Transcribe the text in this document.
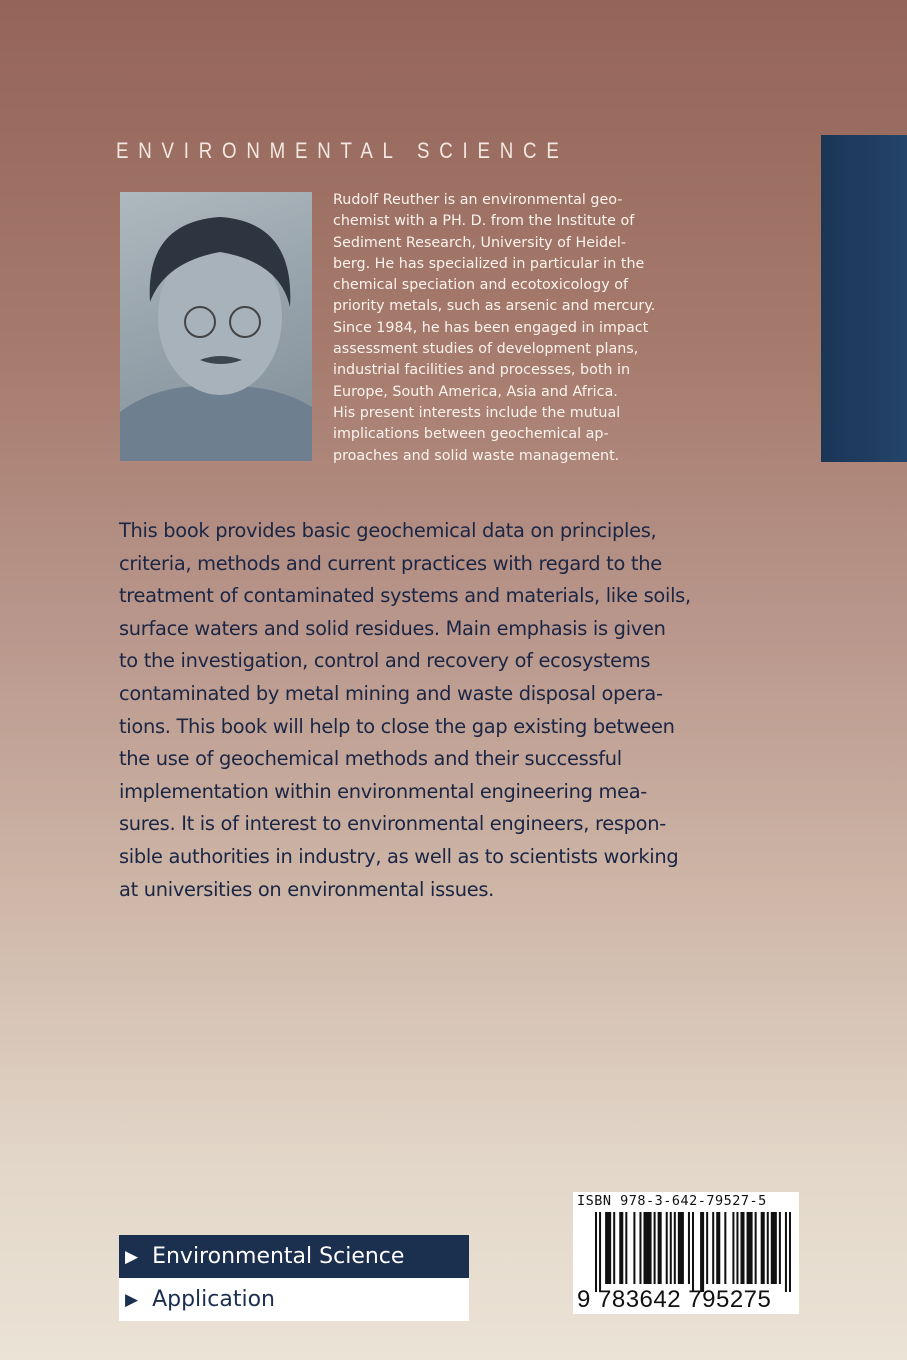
ENVIRONMENTAL SCIENCE
Rudolf Reuther is an environmental geo-
chemist with a PH. D. from the Institute of
Sediment Research, University of Heidel-
berg. He has specialized in particular in the
chemical speciation and ecotoxicology of
priority metals, such as arsenic and mercury.
Since 1984, he has been engaged in impact
assessment studies of development plans,
industrial facilities and processes, both in
Europe, South America, Asia and Africa.
His present interests include the mutual
implications between geochemical ap-
proaches and solid waste management.
This book provides basic geochemical data on principles,
criteria, methods and current practices with regard to the
treatment of contaminated systems and materials, like soils,
surface waters and solid residues. Main emphasis is given
to the investigation, control and recovery of ecosystems
contaminated by metal mining and waste disposal opera-
tions. This book will help to close the gap existing between
the use of geochemical methods and their successful
implementation within environmental engineering mea-
sures. It is of interest to environmental engineers, respon-
sible authorities in industry, as well as to scientists working
at universities on environmental issues.
▶ Environmental Science
▶ Application
ISBN 978-3-642-79527-5
9 783642 795275
